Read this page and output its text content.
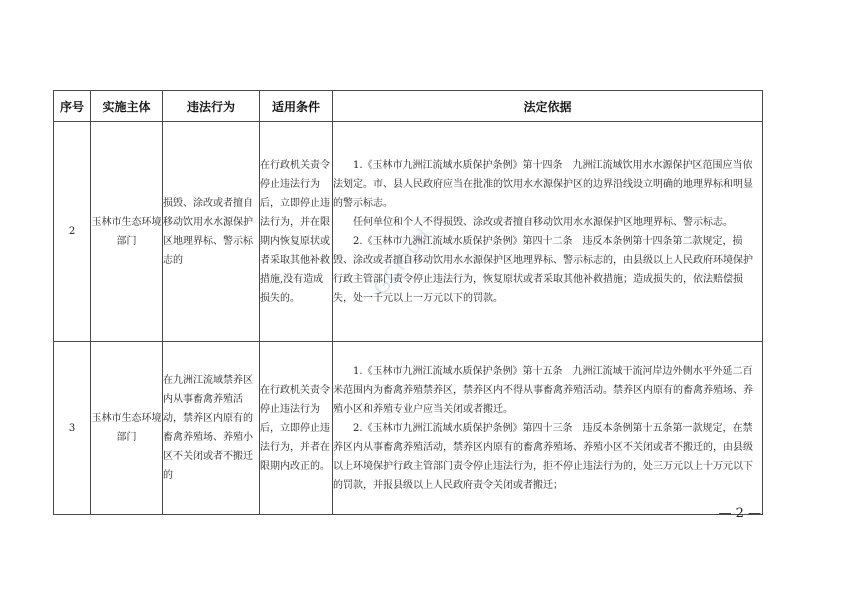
GCloud
序号	实施主体	违法行为	适用条件	法定依据
2	玉林市生态环境部门	损毁、涂改或者擅自移动饮用水水源保护区地理界标、警示标志的	在行政机关责令停止违法行为后，立即停止违法行为，并在限期内恢复原状或者采取其他补救措施,没有造成损失的。	1.《玉林市九洲江流域水质保护条例》第十四条　九洲江流域饮用水水源保护区范围应当依法划定。市、县人民政府应当在批准的饮用水水源保护区的边界沿线设立明确的地理界标和明显的警示标志。

任何单位和个人不得损毁、涂改或者擅自移动饮用水水源保护区地理界标、警示标志。

2.《玉林市九洲江流域水质保护条例》第四十二条　违反本条例第十四条第二款规定，损毁、涂改或者擅自移动饮用水水源保护区地理界标、警示标志的，由县级以上人民政府环境保护行政主管部门责令停止违法行为，恢复原状或者采取其他补救措施；造成损失的，依法赔偿损失，处一千元以上一万元以下的罚款。

3	玉林市生态环境部门	在九洲江流域禁养区内从事畜禽养殖活动，禁养区内原有的畜禽养殖场、养殖小区不关闭或者不搬迁的	在行政机关责令停止违法行为后，立即停止违法行为，并者在限期内改正的。	1.《玉林市九洲江流域水质保护条例》第十五条　九洲江流域干流河岸边外侧水平外延二百米范围内为畜禽养殖禁养区，禁养区内不得从事畜禽养殖活动。禁养区内原有的畜禽养殖场、养殖小区和养殖专业户应当关闭或者搬迁。

2.《玉林市九洲江流域水质保护条例》第四十三条　违反本条例第十五条第一款规定，在禁养区内从事畜禽养殖活动，禁养区内原有的畜禽养殖场、养殖小区不关闭或者不搬迁的，由县级以上环境保护行政主管部门责令停止违法行为，拒不停止违法行为的，处三万元以上十万元以下的罚款，并报县级以上人民政府责令关闭或者搬迁；

— 2 —
